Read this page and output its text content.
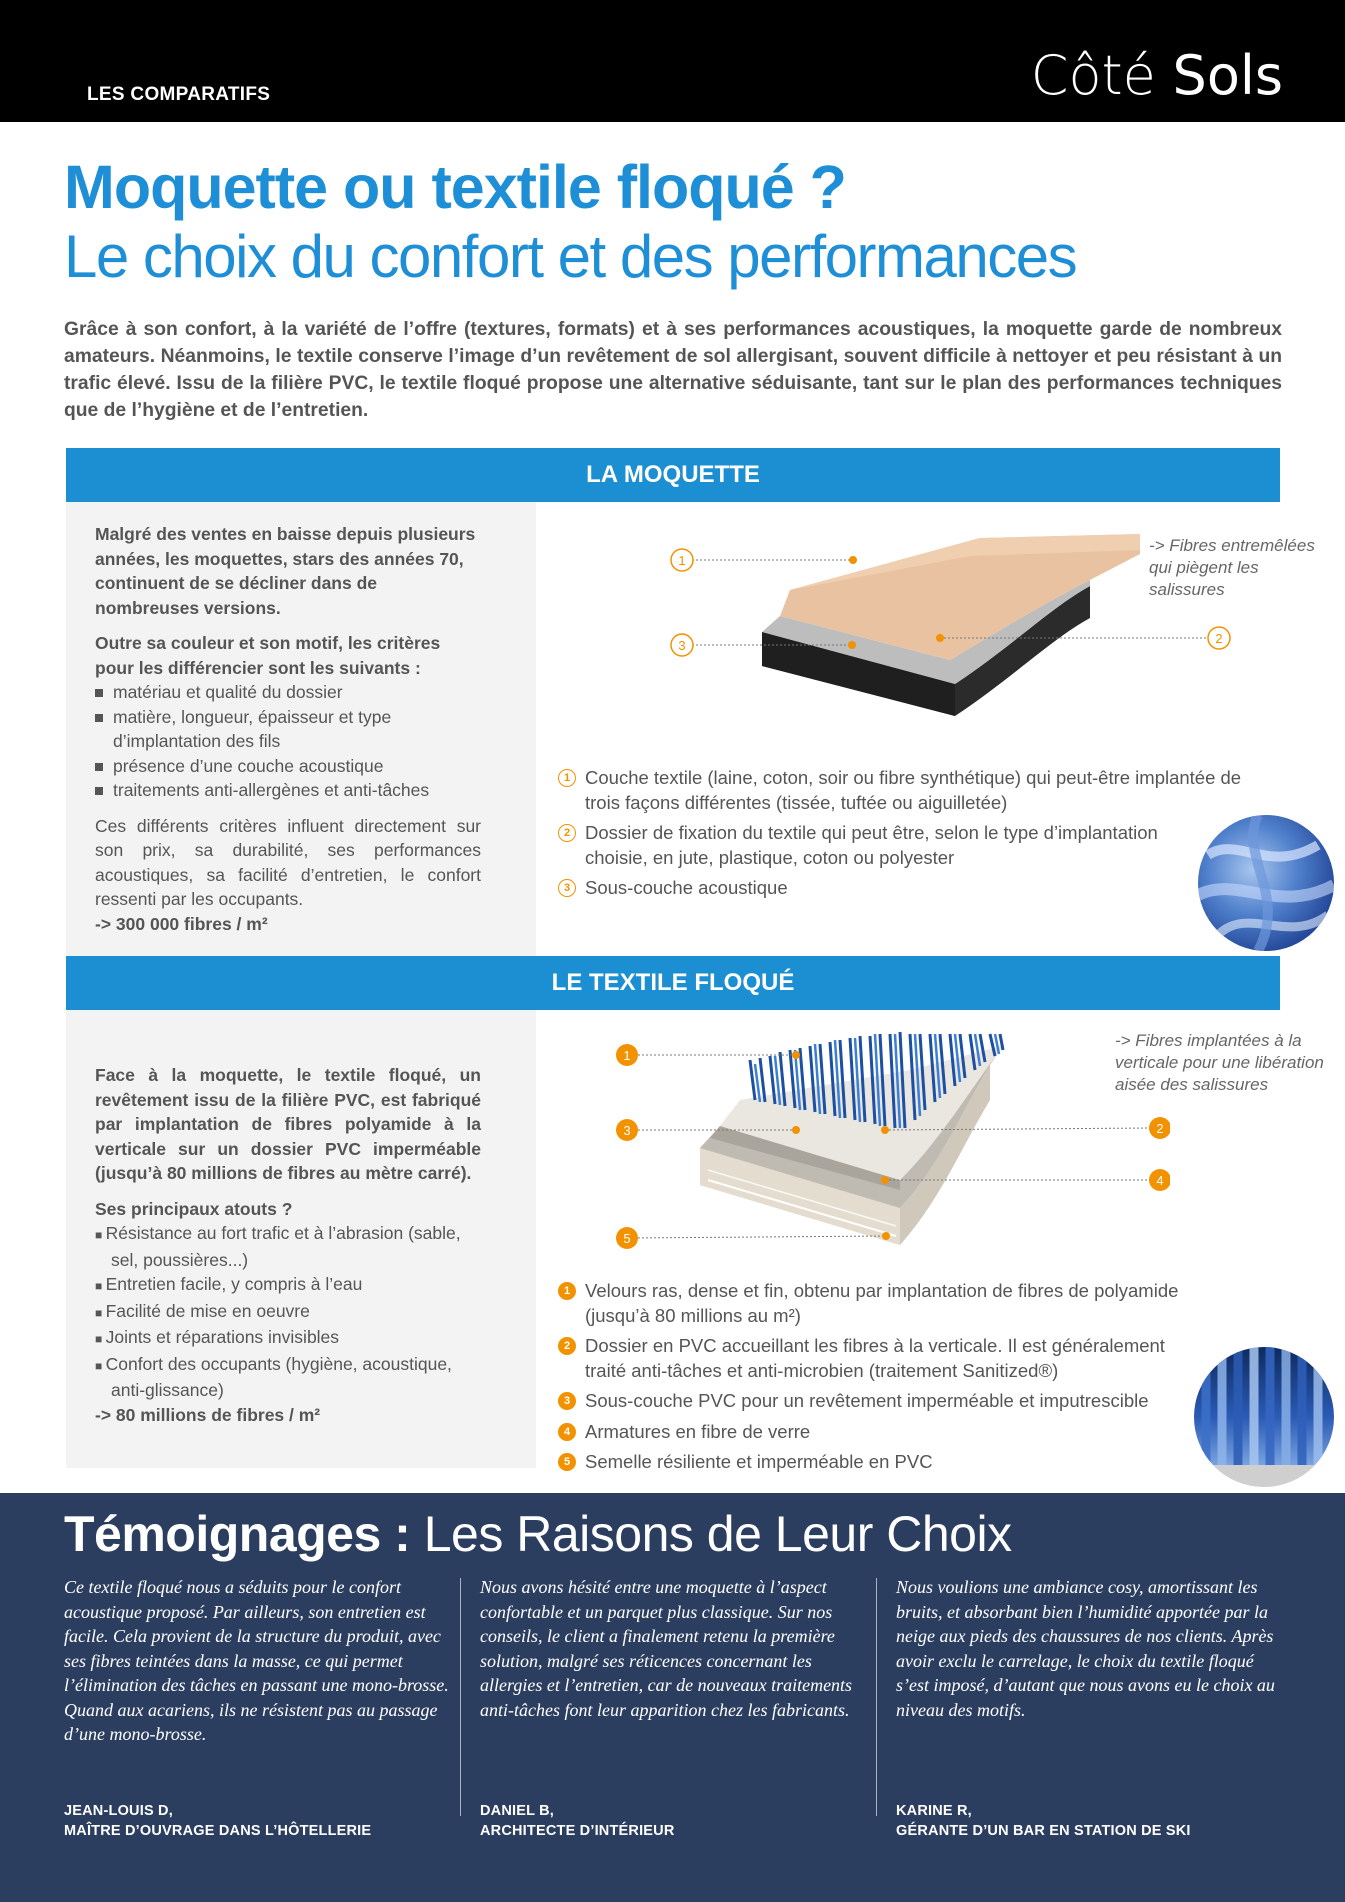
LES COMPARATIFS	Côté Sols
Moquette ou textile floqué ?
Le choix du confort et des performances
Grâce à son confort, à la variété de l’offre (textures, formats) et à ses performances acoustiques, la moquette garde de nombreux amateurs. Néanmoins, le textile conserve l’image d’un revêtement de sol allergisant, souvent difficile à nettoyer et peu résistant à un trafic élevé. Issu de la filière PVC, le textile floqué propose une alternative séduisante, tant sur le plan des performances techniques que de l’hygiène et de l’entretien.
LA MOQUETTE

Malgré des ventes en baisse depuis plusieurs années, les moquettes, stars des années 70, continuent de se décliner dans de nombreuses versions.

Outre sa couleur et son motif, les critères pour les différencier sont les suivants :

matériau et qualité du dossier
matière, longueur, épaisseur et type d’implantation des fils
présence d’une couche acoustique
traitements anti-allergènes et anti-tâches

Ces différents critères influent directement sur son prix, sa durabilité, ses performances acoustiques, sa facilité d’entretien, le confort ressenti par les occupants.

-> 300 000 fibres / m²
1
3	2
-> Fibres entremêlées qui piègent les salissures
1 Couche textile (laine, coton, soir ou fibre synthétique) qui peut-être implantée de trois façons différentes (tissée, tuftée ou aiguilletée)
2 Dossier de fixation du textile qui peut être, selon le type d’implantation choisie, en jute, plastique, coton ou polyester
3 Sous-couche acoustique
LE TEXTILE FLOQUÉ

Face à la moquette, le textile floqué, un revêtement issu de la filière PVC, est fabriqué par implantation de fibres polyamide à la verticale sur un dossier PVC imperméable (jusqu’à 80 millions de fibres au mètre carré).

Ses principaux atouts ?

■ Résistance au fort trafic et à l’abrasion (sable, sel, poussières...)
■ Entretien facile, y compris à l’eau
■ Facilité de mise en oeuvre
■ Joints et réparations invisibles
■ Confort des occupants (hygiène, acoustique, anti-glissance)
-> 80 millions de fibres / m²
1
3
5
2
4
-> Fibres implantées à la verticale pour une libération aisée des salissures
1 Velours ras, dense et fin, obtenu par implantation de fibres de polyamide (jusqu’à 80 millions au m²)
2 Dossier en PVC accueillant les fibres à la verticale. Il est généralement traité anti-tâches et anti-microbien (traitement Sanitized®)
3 Sous-couche PVC pour un revêtement imperméable et imputrescible
4 Armatures en fibre de verre
5 Semelle résiliente et imperméable en PVC
Témoignages : Les Raisons de Leur Choix
Ce textile floqué nous a séduits pour le confort acoustique proposé. Par ailleurs, son entretien est facile. Cela provient de la structure du produit, avec ses fibres teintées dans la masse, ce qui permet l’élimination des tâches en passant une mono-brosse. Quand aux acariens, ils ne résistent pas au passage d’une mono-brosse.
JEAN-LOUIS D,
MAÎTRE D’OUVRAGE DANS L’HÔTELLERIE
Nous avons hésité entre une moquette à l’aspect confortable et un parquet plus classique. Sur nos conseils, le client a finalement retenu la première solution, malgré ses réticences concernant les allergies et l’entretien, car de nouveaux traitements anti-tâches font leur apparition chez les fabricants.
DANIEL B,
ARCHITECTE D’INTÉRIEUR
Nous voulions une ambiance cosy, amortissant les bruits, et absorbant bien l’humidité apportée par la neige aux pieds des chaussures de nos clients. Après avoir exclu le carrelage, le choix du textile floqué s’est imposé, d’autant que nous avons eu le choix au niveau des motifs.
KARINE R,
GÉRANTE D’UN BAR EN STATION DE SKI
